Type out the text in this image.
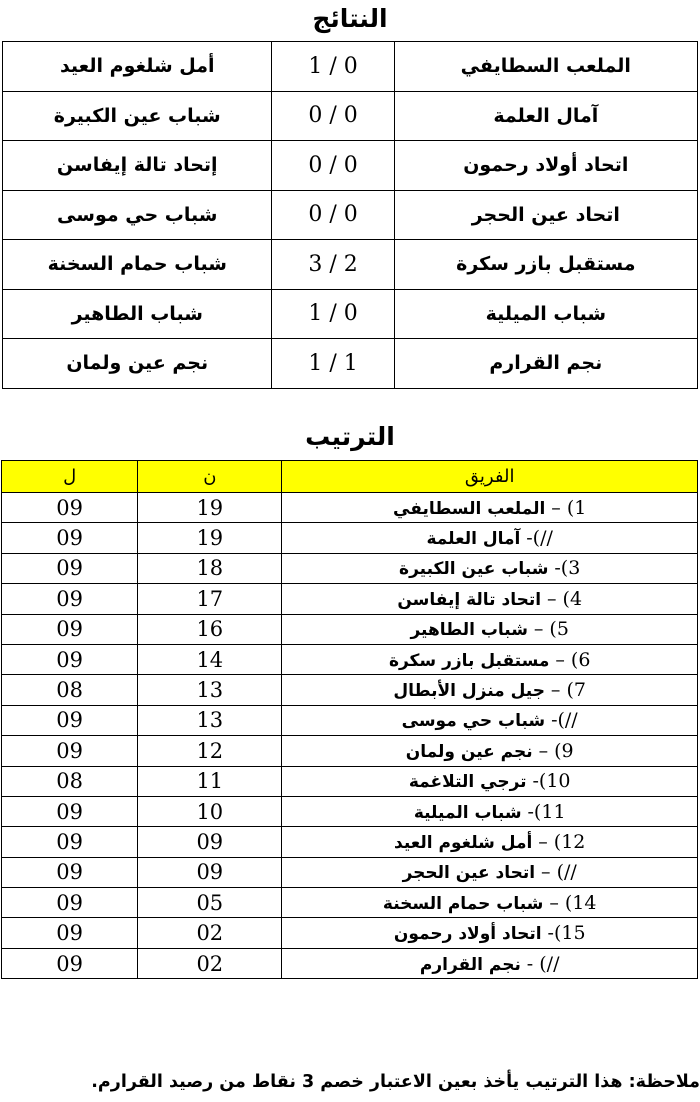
النتائج
الملعب السطايفي	1 / 0	أمل شلغوم العيد
آمال العلمة	0 / 0	شباب عين الكبيرة
اتحاد أولاد رحمون	0 / 0	إتحاد تالة إيفاسن
اتحاد عين الحجر	0 / 0	شباب حي موسى
مستقبل بازر سكرة	3 / 2	شباب حمام السخنة
شباب الميلية	1 / 0	شباب الطاهير
نجم القرارم	1 / 1	نجم عين ولمان
الترتيب
الفريق	ن	ل
1) – الملعب السطايفي	19	09
//)- آمال العلمة	19	09
3)- شباب عين الكبيرة	18	09
4) – اتحاد تالة إيفاسن	17	09
5) – شباب الطاهير	16	09
6) – مستقبل بازر سكرة	14	09
7) – جيل منزل الأبطال	13	08
//)- شباب حي موسى	13	09
9) – نجم عين ولمان	12	09
10)- ترجي التلاغمة	11	08
11)- شباب الميلية	10	09
12) – أمل شلغوم العيد	09	09
//) – اتحاد عين الحجر	09	09
14) – شباب حمام السخنة	05	09
15)- اتحاد أولاد رحمون	02	09
//) - نجم القرارم	02	09
ملاحظة: هذا الترتيب يأخذ بعين الاعتبار خصم 3 نقاط من رصيد القرارم.
